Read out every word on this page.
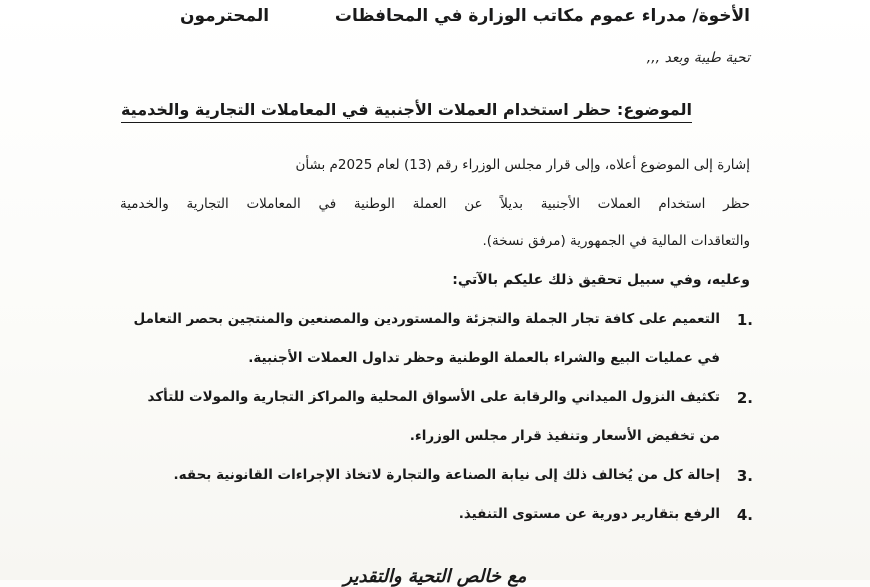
الأخوة/ مدراء عموم مكاتب الوزارة في المحافظات
المحترمون
تحية طيبة وبعد ,,,
الموضوع: حظر استخدام العملات الأجنبية في المعاملات التجارية والخدمية
إشارة إلى الموضوع أعلاه، وإلى قرار مجلس الوزراء رقم (13) لعام 2025م بشأن
حظر استخدام العملات الأجنبية بديلاً عن العملة الوطنية في المعاملات التجارية والخدمية
والتعاقدات المالية في الجمهورية (مرفق نسخة).
وعليه، وفي سبيل تحقيق ذلك عليكم بالآتي:
1.
التعميم على كافة تجار الجملة والتجزئة والمستوردين والمصنعين والمنتجين بحصر التعامل
في عمليات البيع والشراء بالعملة الوطنية وحظر تداول العملات الأجنبية.
2.
تكثيف النزول الميداني والرقابة على الأسواق المحلية والمراكز التجارية والمولات للتأكد
من تخفيض الأسعار وتنفيذ قرار مجلس الوزراء.
3.
إحالة كل من يُخالف ذلك إلى نيابة الصناعة والتجارة لاتخاذ الإجراءات القانونية بحقه.
4.
الرفع بتقارير دورية عن مستوى التنفيذ.
مع خالص التحية والتقدير
